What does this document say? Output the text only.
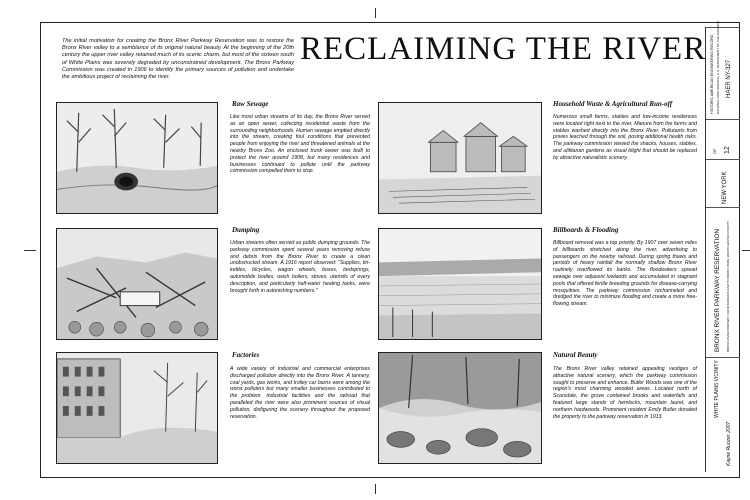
The initial motivation for creating the Bronx River Parkway Reservation was to restore the Bronx River valley to a semblance of its original natural beauty. At the beginning of the 20th century the upper river valley retained much of its scenic charm, but most of the sixteen south of White Plains was severely degraded by unconstrained development. The Bronx Parkway Commission was created in 1906 to identify the primary sources of pollution and undertake the ambitious project of reclaiming the river.
RECLAIMING THE RIVER
Raw Sewage
Like most urban streams of its day, the Bronx River served as an open sewer, collecting residential waste from the surrounding neighborhoods. Human sewage emptied directly into the stream, creating foul conditions that prevented people from enjoying the river and threatened animals at the nearby Bronx Zoo. An enclosed trunk sewer was built to protect the river around 1908, but many residences and businesses continued to pollute until the parkway commission compelled them to stop.
Household Waste & Agricultural Run-off
Numerous small farms, stables and low-income residences were located right next to the river. Manure from the farms and stables washed directly into the Bronx River. Pollutants from privies leached through the soil, posing additional health risks. The parkway commission viewed the shacks, houses, stables, and utilitarian gardens as visual blight that should be replaced by attractive naturalistic scenery.
Dumping
Urban streams often served as public dumping grounds. The parkway commission spent several years removing refuse and debris from the Bronx River to create a clean unobstructed stream. A 1916 report observed: "Supplies, tin-kettles, bicycles, wagon wheels, boxes, bedsprings, automobile bodies, wash boilers, stoves, utensils of every description, and particularly half-water heating tanks, were brought forth in astonishing numbers."
Billboards & Flooding
Billboard removal was a top priority. By 1907 over seven miles of billboards stretched along the river, advertising to passengers on the nearby railroad. During spring thaws and periods of heavy rainfall the normally shallow Bronx River routinely overflowed its banks. The floodwaters spread sewage over adjacent lowlands and accumulated in stagnant pools that offered fertile breeding grounds for disease-carrying mosquitoes. The parkway commission rechanneled and dredged the river to minimize flooding and create a more free-flowing stream.
Factories
A wide variety of industrial and commercial enterprises discharged pollution directly into the Bronx River. A tannery, coal yards, gas works, and trolley car barns were among the worst polluters but many smaller businesses contributed to the problem. Industrial facilities and the railroad that paralleled the river were also prominent sources of visual pollution, disfiguring the scenery throughout the proposed reservation.
Natural Beauty
The Bronx River valley retained appealing vestiges of attractive natural scenery, which the parkway commission sought to preserve and enhance. Butler Woods was one of the region's most charming wooded areas. Located north of Scarsdale, the grove contained brooks and waterfalls and featured large stands of hemlocks, mountain laurel, and northern hardwoods. Prominent resident Emily Butler donated the property to the parkway reservation in 1913.
HISTORIC AMERICAN ENGINEERING RECORD NATIONAL PARK SERVICE, U.S. DEPARTMENT OF THE INTERIOR HAER NY-327
OF 12
NEW YORK
BRONX RIVER PARKWAY RESERVATION BRONX RIVER PARKWAY, FROM KENSICO DAM TO BRONX PARK, WESTCHESTER COUNTY
WHITE PLAINS VICINITY
Kayne Ruozer 2007
